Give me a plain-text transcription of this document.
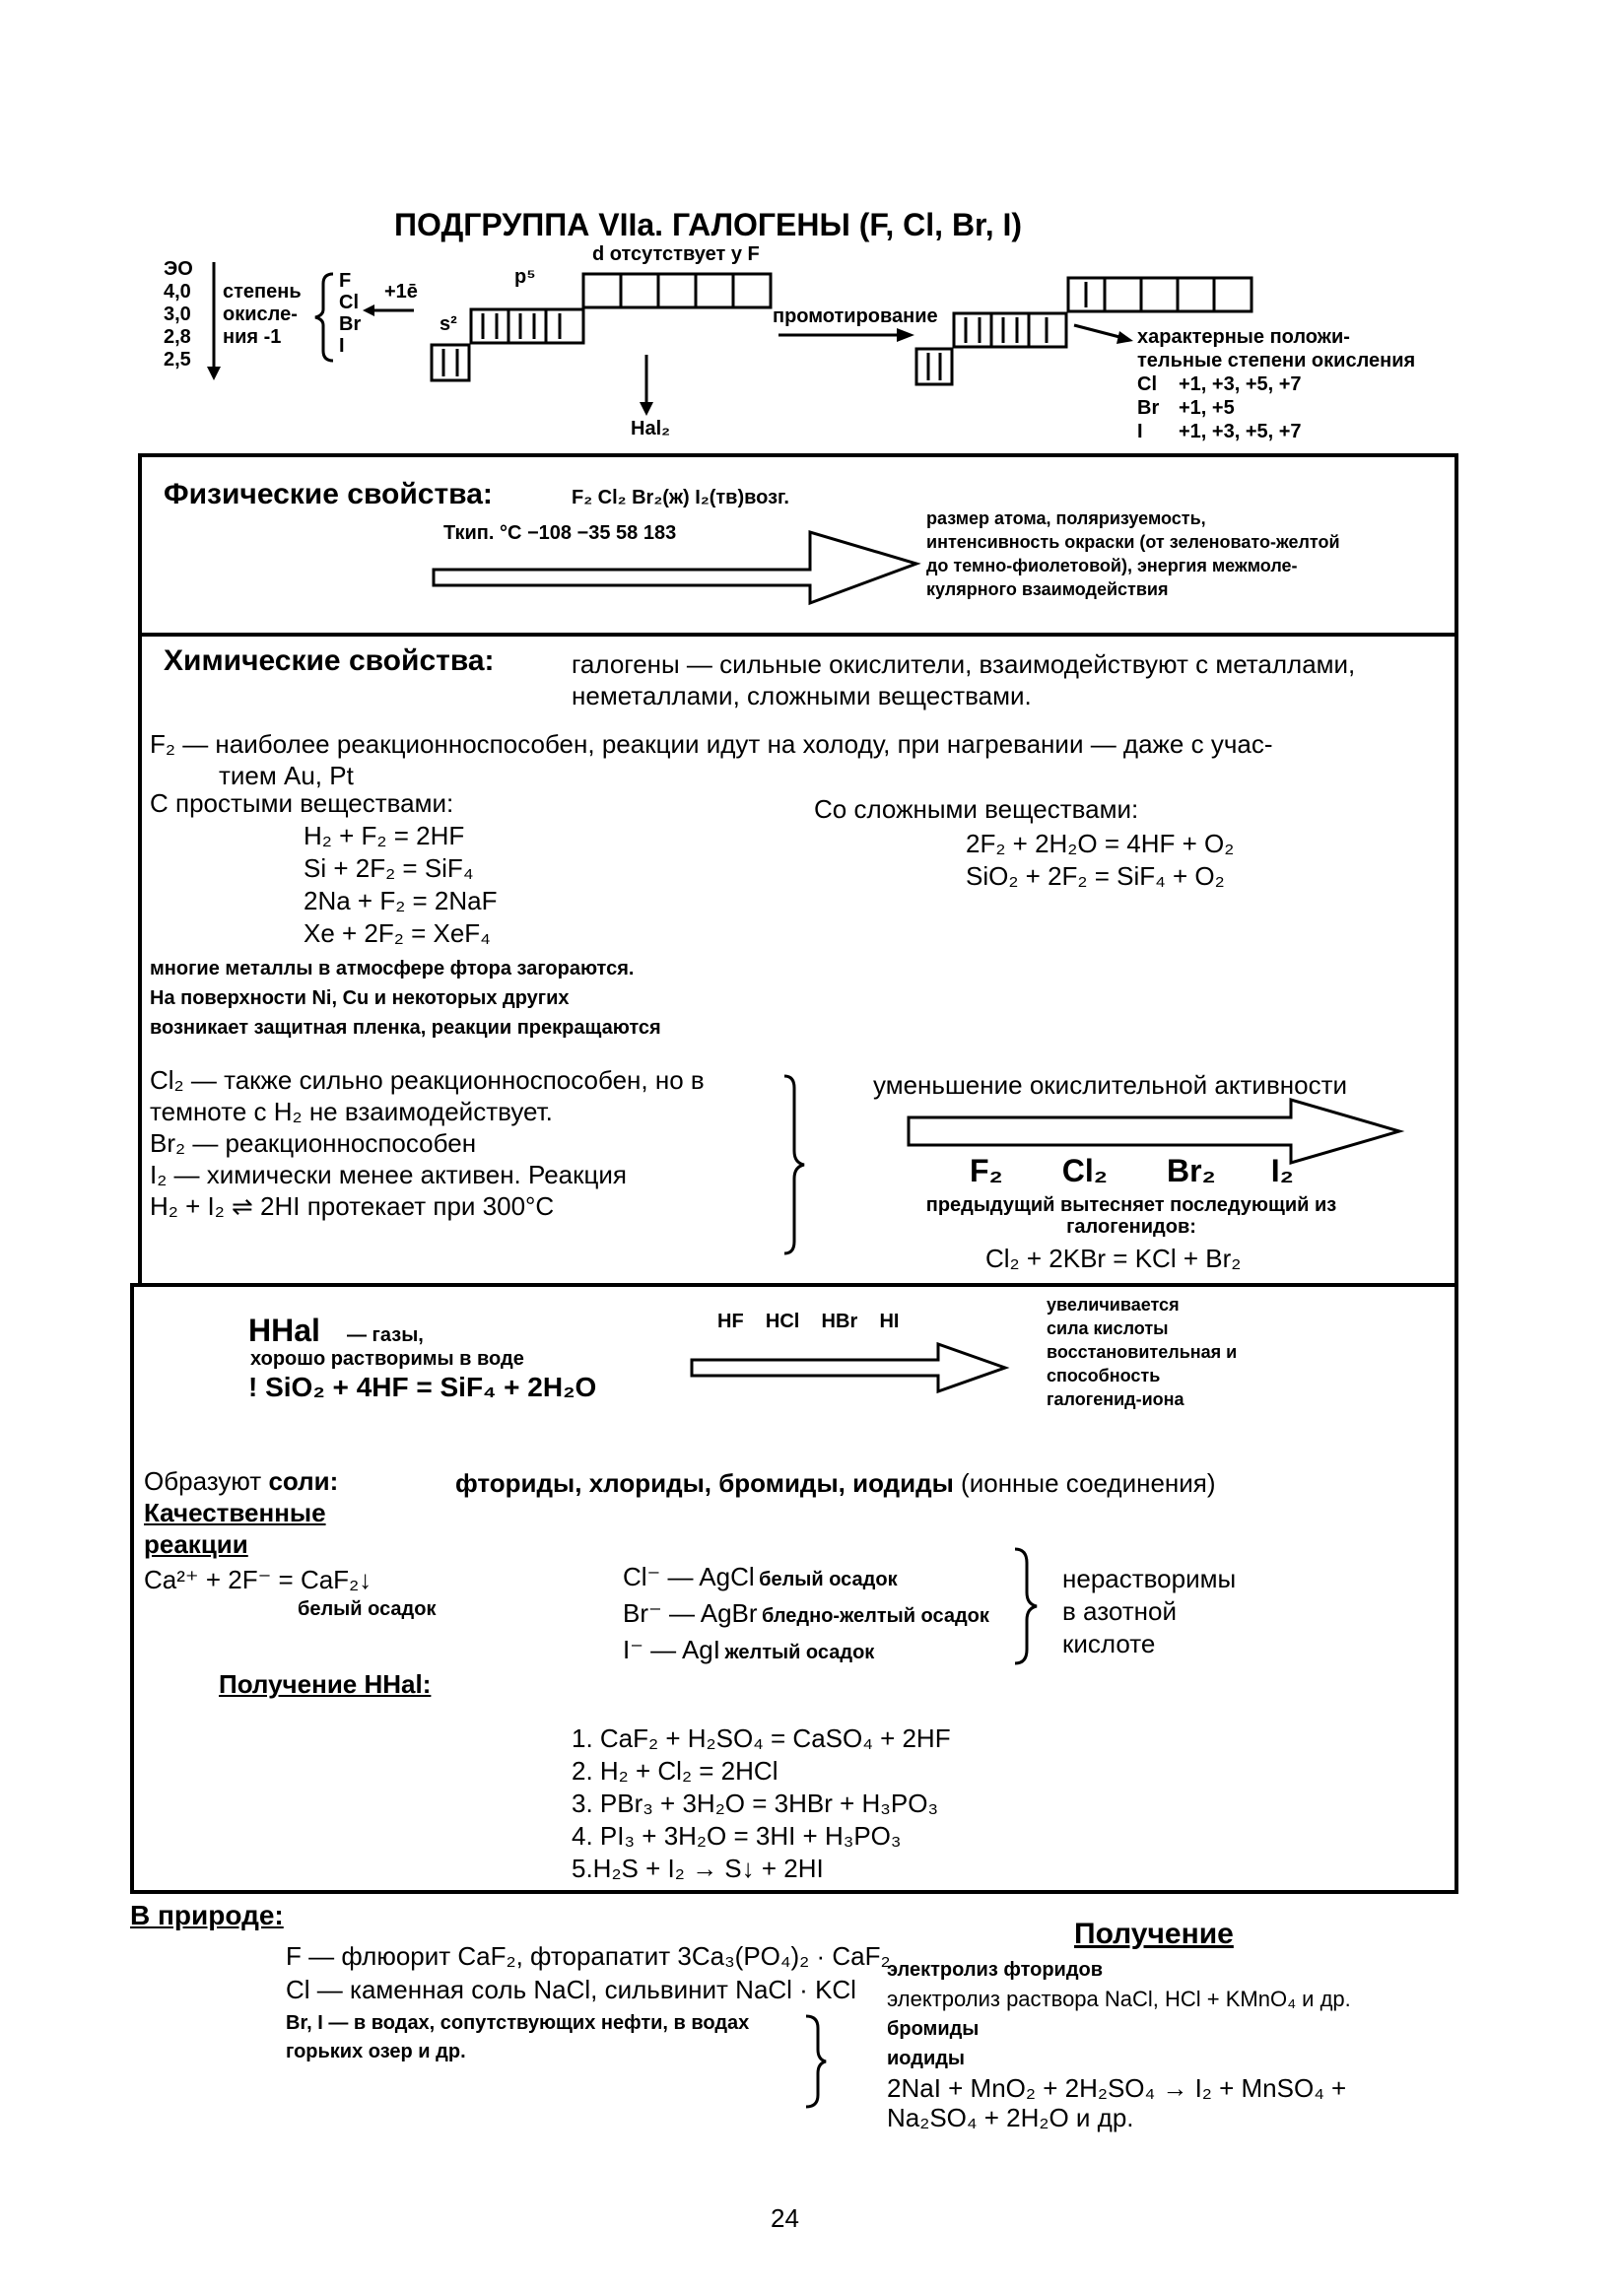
ПОДГРУППА VIIa. ГАЛОГЕНЫ (F, Cl, Br, I)
ЭО
4,0
3,0
2,8
2,5
степень
окисле-
ния -1
F
Cl
Br
I
+1ē
d отсутствует у F
p⁵
s²
Hal₂
промотирование
характерные положи-
тельные степени окисления
Cl +1, +3, +5, +7
Br +1, +5
I +1, +3, +5, +7
Физические свойства:	F₂ Cl₂ Br₂(ж) I₂(тв)возг.
Ткип. °C −108 −35 58 183
размер атома, поляризуемость,
интенсивность окраски (от зеленовато-желтой
до темно-фиолетовой), энергия межмоле-
кулярного взаимодействия
Химические свойства:	галогены — сильные окислители, взаимодействуют с металлами,
неметаллами, сложными веществами.
F₂ — наиболее реакционноспособен, реакции идут на холоду, при нагревании — даже с учас-
тием Au, Pt
С простыми веществами:
H₂ + F₂ = 2HF
Si + 2F₂ = SiF₄
2Na + F₂ = 2NaF
Xe + 2F₂ = XeF₄
Со сложными веществами:
2F₂ + 2H₂O = 4HF + O₂
SiO₂ + 2F₂ = SiF₄ + O₂
многие металлы в атмосфере фтора загораются.
На поверхности Ni, Cu и некоторых других
возникает защитная пленка, реакции прекращаются
Cl₂ — также сильно реакционноспособен, но в
темноте с H₂ не взаимодействует.
Br₂ — реакционноспособен
I₂ — химически менее активен. Реакция
H₂ + I₂ ⇌ 2HI протекает при 300°C
уменьшение окислительной активности
F₂ Cl₂ Br₂ I₂
предыдущий вытесняет последующий из
галогенидов:
Cl₂ + 2KBr = KCl + Br₂
HHal — газы,
хорошо растворимы в воде
! SiO₂ + 4HF = SiF₄ + 2H₂O
HF    HCl    HBr    HI
увеличивается
сила кислоты
восстановительная и
способность
галогенид-иона
Образуют соли:	фториды, хлориды, бромиды, иодиды (ионные соединения)
Качественные
реакции
Ca²⁺ + 2F⁻ = CaF₂↓
белый осадок
Cl⁻ — AgCl белый осадок
Br⁻ — AgBr бледно-желтый осадок
I⁻ — AgI желтый осадок
нерастворимы
в азотной
кислоте
Получение HHal:
1. CaF₂ + H₂SO₄ = CaSO₄ + 2HF
2. H₂ + Cl₂ = 2HCl
3. PBr₃ + 3H₂O = 3HBr + H₃PO₃
4. PI₃ + 3H₂O = 3HI + H₃PO₃
5.H₂S + I₂ → S↓ + 2HI
В природе:
F — флюорит CaF₂, фторапатит 3Ca₃(PO₄)₂ · CaF₂
Cl — каменная соль NaCl, сильвинит NaCl · KCl
Br, I — в водах, сопутствующих нефти, в водах
горьких озер и др.
Получение
электролиз фторидов
электролиз раствора NaCl, HCl + KMnO₄ и др.
бромиды
иодиды
2NaI + MnO₂ + 2H₂SO₄ → I₂ + MnSO₄ +
Na₂SO₄ + 2H₂O и др.
24
